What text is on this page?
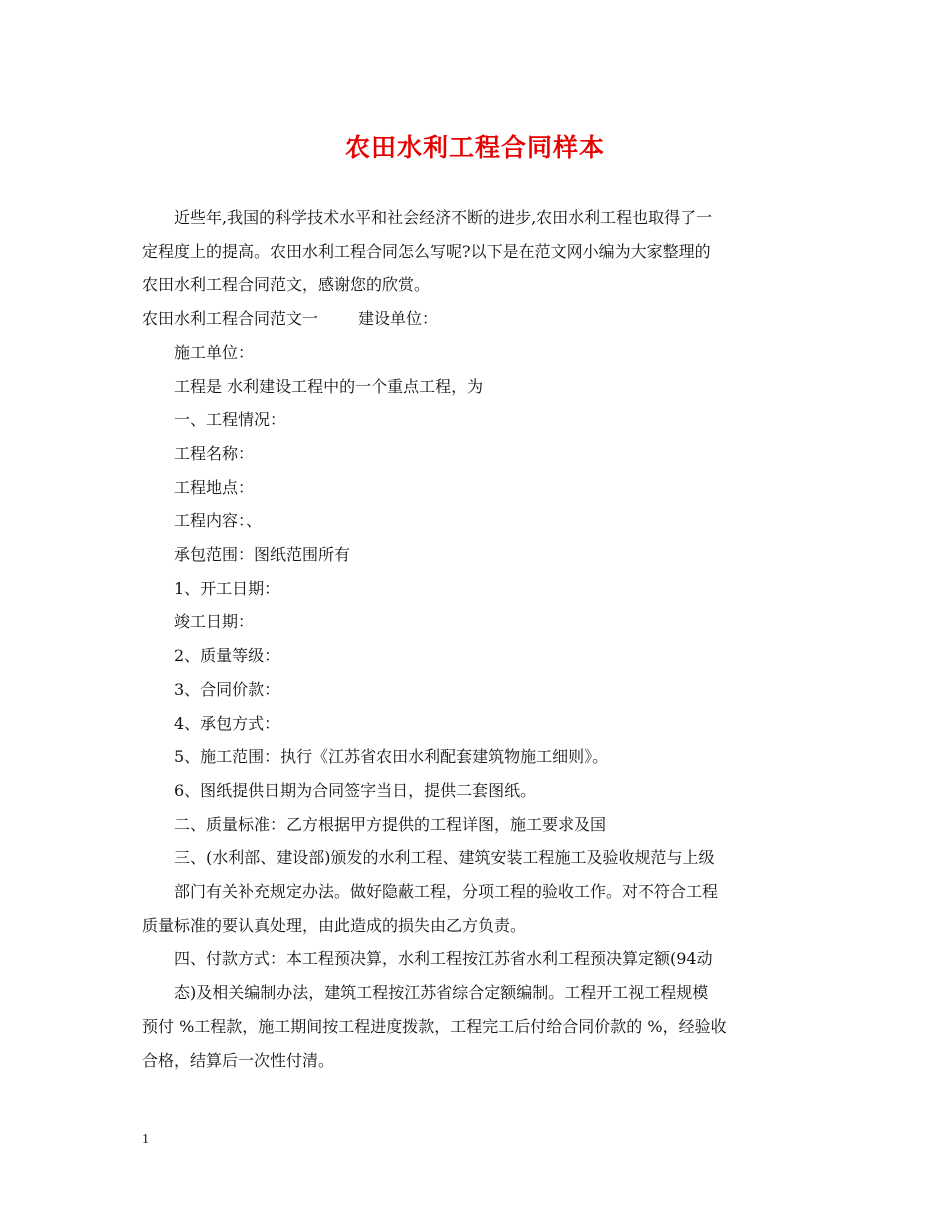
农田水利工程合同样本

近些年,我国的科学技术水平和社会经济不断的进步,农田水利工程也取得了一

定程度上的提高。农田水利工程合同怎么写呢?以下是在范文网小编为大家整理的

农田水利工程合同范文，感谢您的欣赏。

农田水利工程合同范文一	建设单位：

施工单位：

工程是 水利建设工程中的一个重点工程，为

一、工程情况：

工程名称：

工程地点：

工程内容：、

承包范围：图纸范围所有

1、开工日期：

竣工日期：

2、质量等级：

3、合同价款：

4、承包方式：

5、施工范围：执行《江苏省农田水利配套建筑物施工细则》。

6、图纸提供日期为合同签字当日，提供二套图纸。

二、质量标准：乙方根据甲方提供的工程详图，施工要求及国

三、(水利部、建设部)颁发的水利工程、建筑安装工程施工及验收规范与上级

部门有关补充规定办法。做好隐蔽工程，分项工程的验收工作。对不符合工程

质量标准的要认真处理，由此造成的损失由乙方负责。

四、付款方式：本工程预决算，水利工程按江苏省水利工程预决算定额(94动

态)及相关编制办法，建筑工程按江苏省综合定额编制。工程开工视工程规模

预付 %工程款，施工期间按工程进度拨款，工程完工后付给合同价款的 %，经验收

合格，结算后一次性付清。

1
